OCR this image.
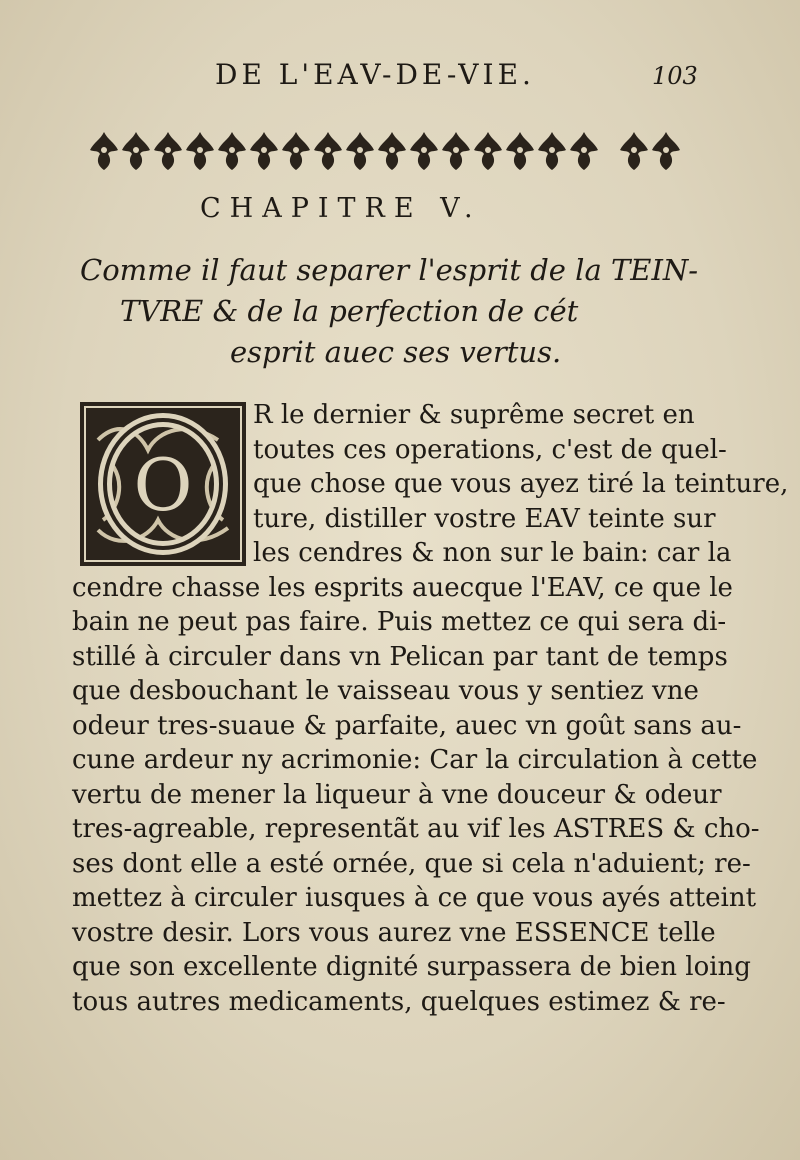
DE L'EAV-DE-VIE.	103
CHAPITRE V.
Comme il faut separer l'esprit de la TEIN-
TVRE & de la perfection de cét
esprit auec ses vertus.
O
R le dernier & suprême secret en
toutes ces operations, c'est de quel-
que chose que vous ayez tiré la teinture,
ture, distiller vostre EAV teinte sur
les cendres & non sur le bain: car la
cendre chasse les esprits auecque l'EAV, ce que le
bain ne peut pas faire. Puis mettez ce qui sera di-
stillé à circuler dans vn Pelican par tant de temps
que desbouchant le vaisseau vous y sentiez vne
odeur tres-suaue & parfaite, auec vn goût sans au-
cune ardeur ny acrimonie: Car la circulation à cette
vertu de mener la liqueur à vne douceur & odeur
tres-agreable, representãt au vif les ASTRES & cho-
ses dont elle a esté ornée, que si cela n'aduient; re-
mettez à circuler iusques à ce que vous ayés atteint
vostre desir. Lors vous aurez vne ESSENCE telle
que son excellente dignité surpassera de bien loing
tous autres medicaments, quelques estimez & re-
